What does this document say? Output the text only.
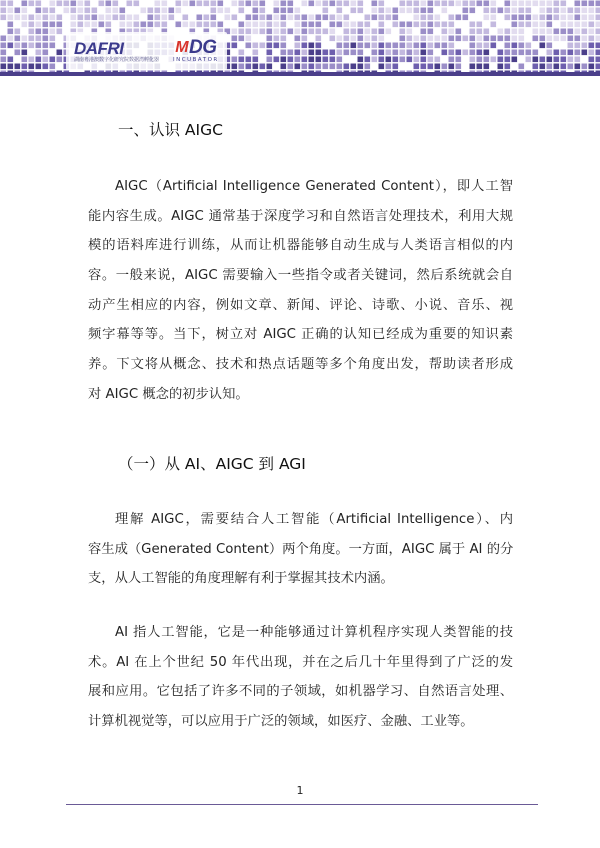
DAFRI
湖南粤港澳数字化研究院数据湾孵化器
M DG
INCUBATOR
一、认识 AIGC
AIGC（Artificial Intelligence Generated Content），即人工智
能内容生成。AIGC 通常基于深度学习和自然语言处理技术，利用大规
模的语料库进行训练，从而让机器能够自动生成与人类语言相似的内
容。一般来说，AIGC 需要输入一些指令或者关键词，然后系统就会自
动产生相应的内容，例如文章、新闻、评论、诗歌、小说、音乐、视
频字幕等等。当下，树立对 AIGC 正确的认知已经成为重要的知识素
养。下文将从概念、技术和热点话题等多个角度出发，帮助读者形成
对 AIGC 概念的初步认知。
（一）从 AI、AIGC 到 AGI
理解 AIGC，需要结合人工智能（Artificial Intelligence）、内
容生成（Generated Content）两个角度。一方面，AIGC 属于 AI 的分
支，从人工智能的角度理解有利于掌握其技术内涵。
AI 指人工智能，它是一种能够通过计算机程序实现人类智能的技
术。AI 在上个世纪 50 年代出现，并在之后几十年里得到了广泛的发
展和应用。它包括了许多不同的子领域，如机器学习、自然语言处理、
计算机视觉等，可以应用于广泛的领域，如医疗、金融、工业等。
1
